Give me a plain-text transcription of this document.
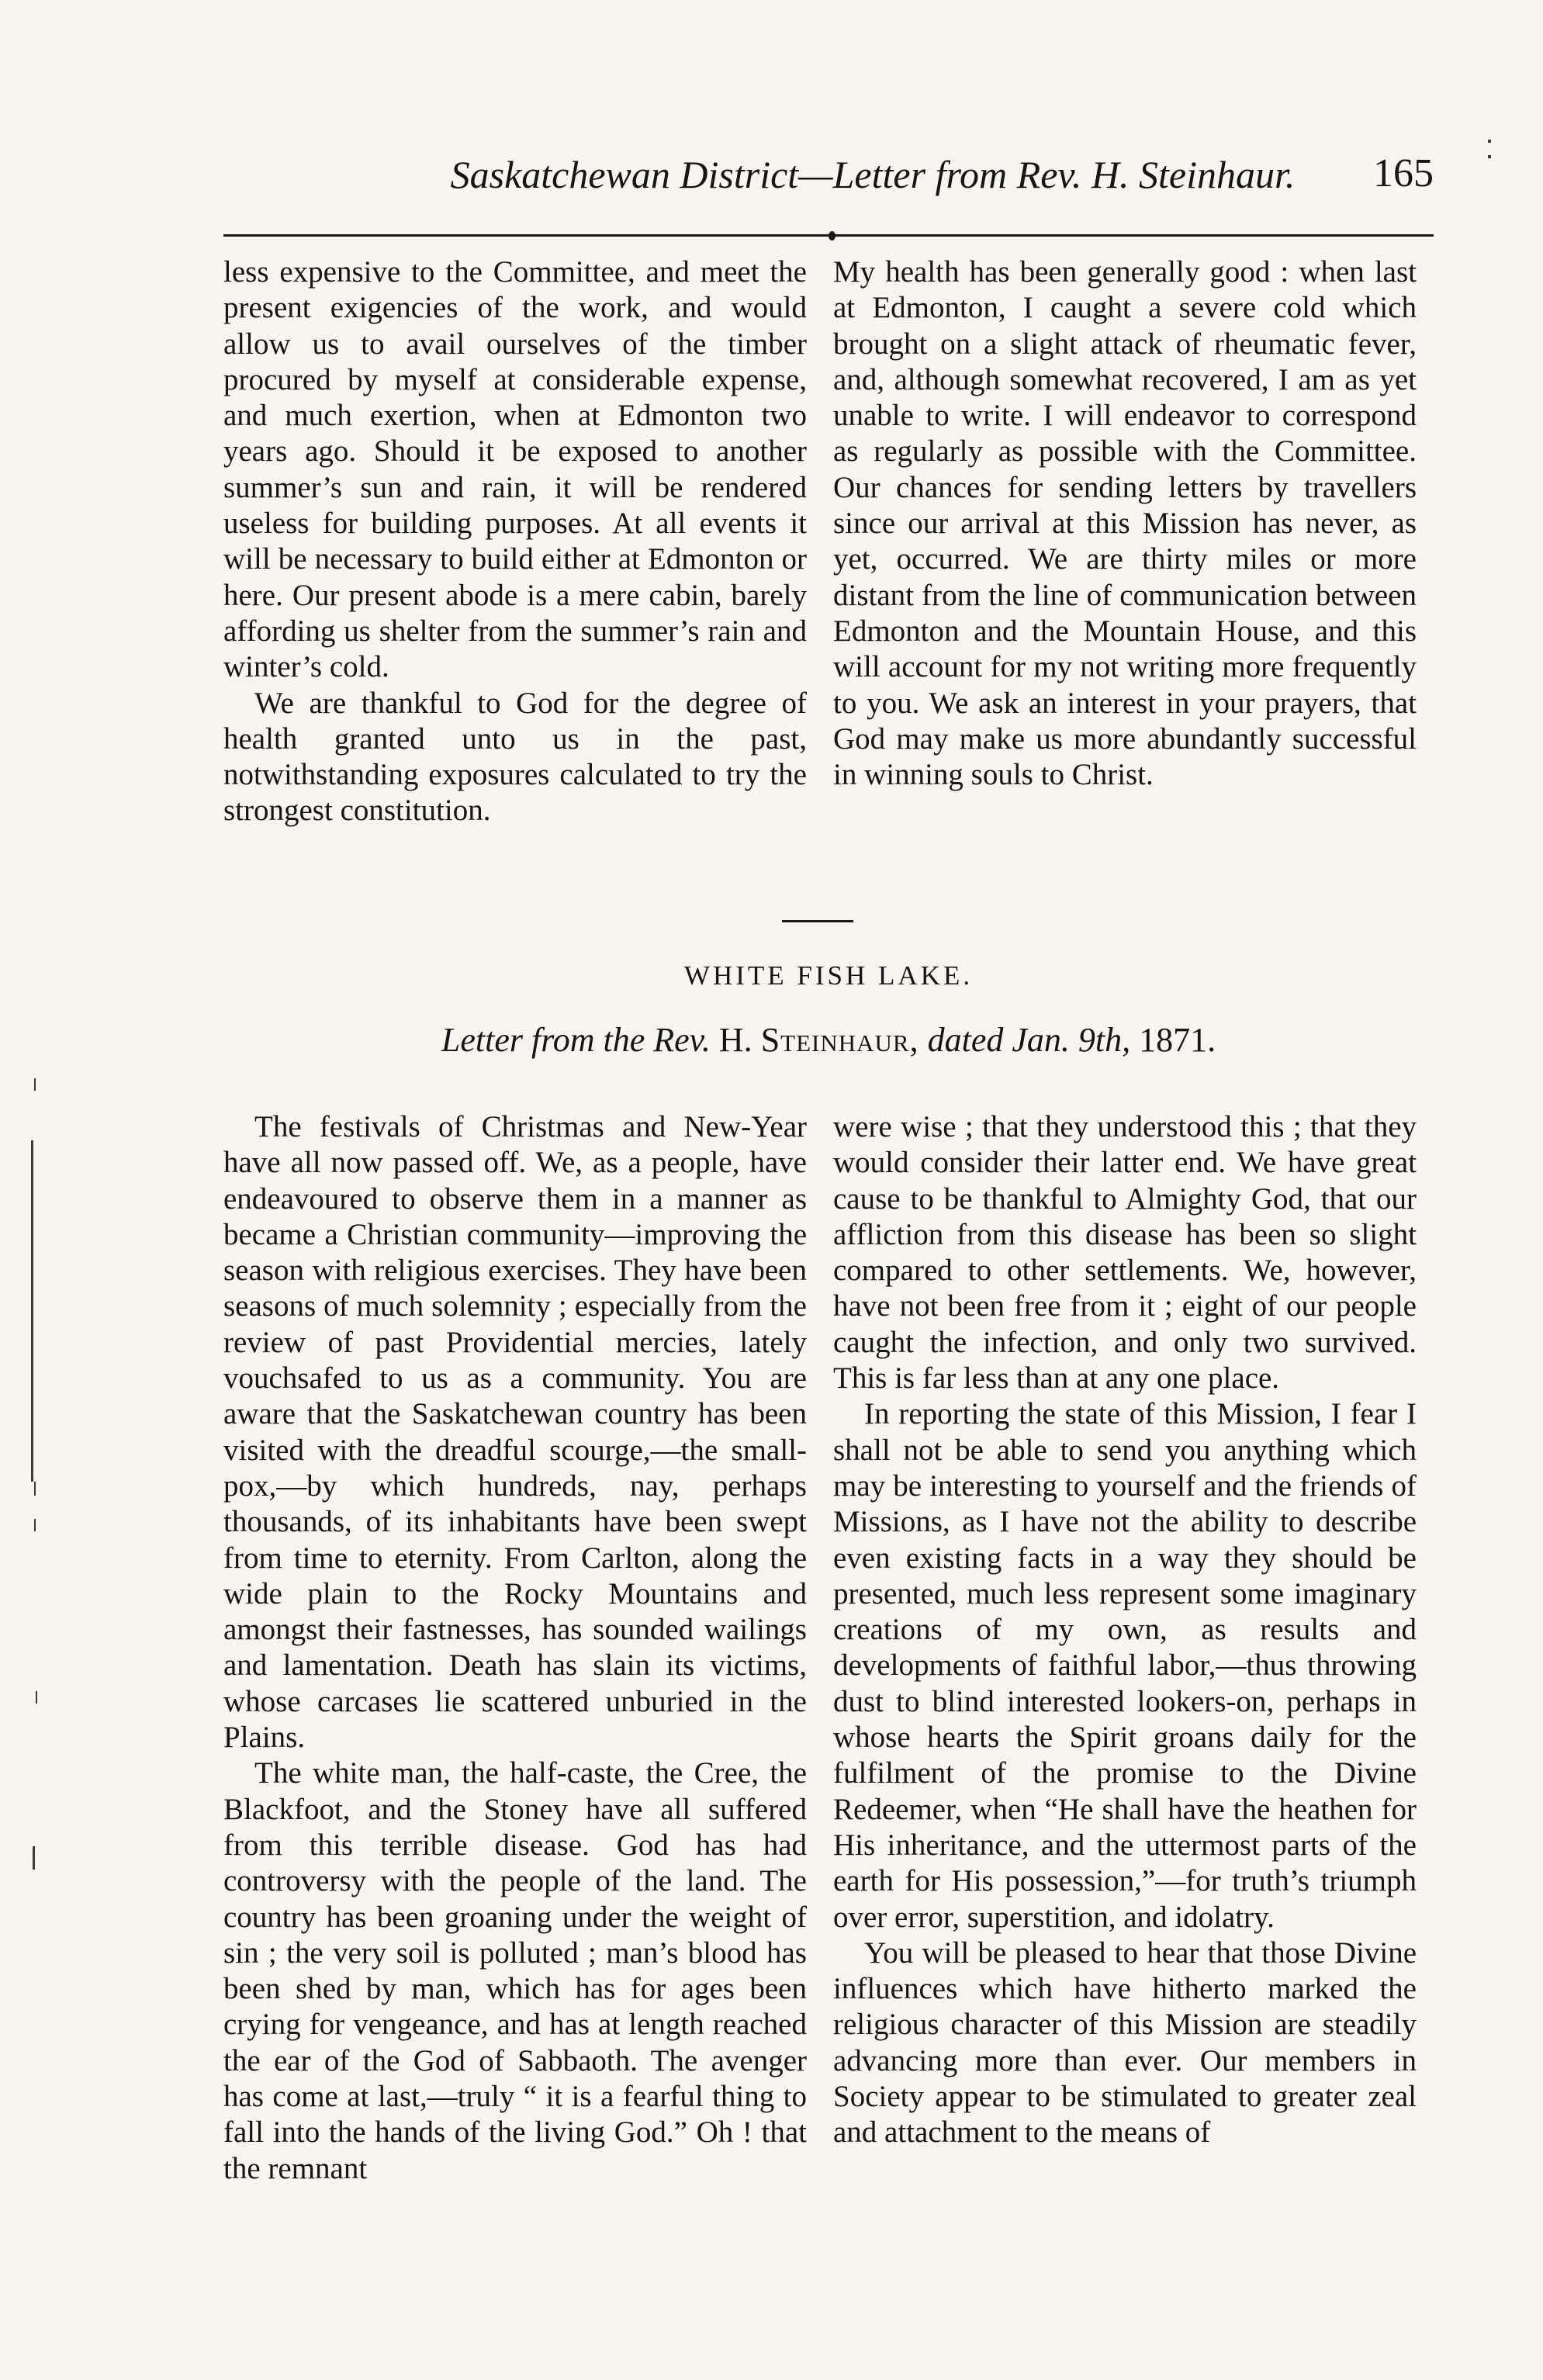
Saskatchewan District—Letter from Rev. H. Steinhaur.	165

less expensive to the Committee, and meet the present exigencies of the work, and would allow us to avail ourselves of the timber procured by myself at considerable expense, and much exertion, when at Edmonton two years ago. Should it be exposed to another summer’s sun and rain, it will be rendered useless for building purposes. At all events it will be necessary to build either at Edmonton or here. Our present abode is a mere cabin, barely affording us shelter from the summer’s rain and winter’s cold.

We are thankful to God for the degree of health granted unto us in the past, notwithstanding exposures calculated to try the strongest constitution.

My health has been generally good : when last at Edmonton, I caught a severe cold which brought on a slight attack of rheumatic fever, and, although somewhat recovered, I am as yet unable to write. I will endeavor to correspond as regularly as possible with the Committee. Our chances for sending letters by travellers since our arrival at this Mission has never, as yet, occurred. We are thirty miles or more distant from the line of communication between Edmonton and the Mountain House, and this will account for my not writing more frequently to you. We ask an interest in your prayers, that God may make us more abundantly successful in winning souls to Christ.

WHITE FISH LAKE.
Letter from the Rev. H. Steinhaur, dated Jan. 9th, 1871.

The festivals of Christmas and New-Year have all now passed off. We, as a people, have endeavoured to observe them in a manner as became a Christian community—improving the season with religious exercises. They have been seasons of much solemnity ; especially from the review of past Providential mercies, lately vouchsafed to us as a community. You are aware that the Saskatchewan country has been visited with the dreadful scourge,—the small-pox,—by which hundreds, nay, perhaps thousands, of its inhabitants have been swept from time to eternity. From Carlton, along the wide plain to the Rocky Mountains and amongst their fastnesses, has sounded wailings and lamentation. Death has slain its victims, whose carcases lie scattered unburied in the Plains.

The white man, the half-caste, the Cree, the Blackfoot, and the Stoney have all suffered from this terrible disease. God has had controversy with the people of the land. The country has been groaning under the weight of sin ; the very soil is polluted ; man’s blood has been shed by man, which has for ages been crying for vengeance, and has at length reached the ear of the God of Sabbaoth. The avenger has come at last,—truly “ it is a fearful thing to fall into the hands of the living God.” Oh ! that the remnant

were wise ; that they understood this ; that they would consider their latter end. We have great cause to be thankful to Almighty God, that our affliction from this disease has been so slight compared to other settlements. We, however, have not been free from it ; eight of our people caught the infection, and only two survived. This is far less than at any one place.

In reporting the state of this Mission, I fear I shall not be able to send you anything which may be interesting to yourself and the friends of Missions, as I have not the ability to describe even existing facts in a way they should be presented, much less represent some imaginary creations of my own, as results and developments of faithful labor,—thus throwing dust to blind interested lookers-on, perhaps in whose hearts the Spirit groans daily for the fulfilment of the promise to the Divine Redeemer, when “He shall have the heathen for His inheritance, and the uttermost parts of the earth for His possession,”—for truth’s triumph over error, superstition, and idolatry.

You will be pleased to hear that those Divine influences which have hitherto marked the religious character of this Mission are steadily advancing more than ever. Our members in Society appear to be stimulated to greater zeal and attachment to the means of
